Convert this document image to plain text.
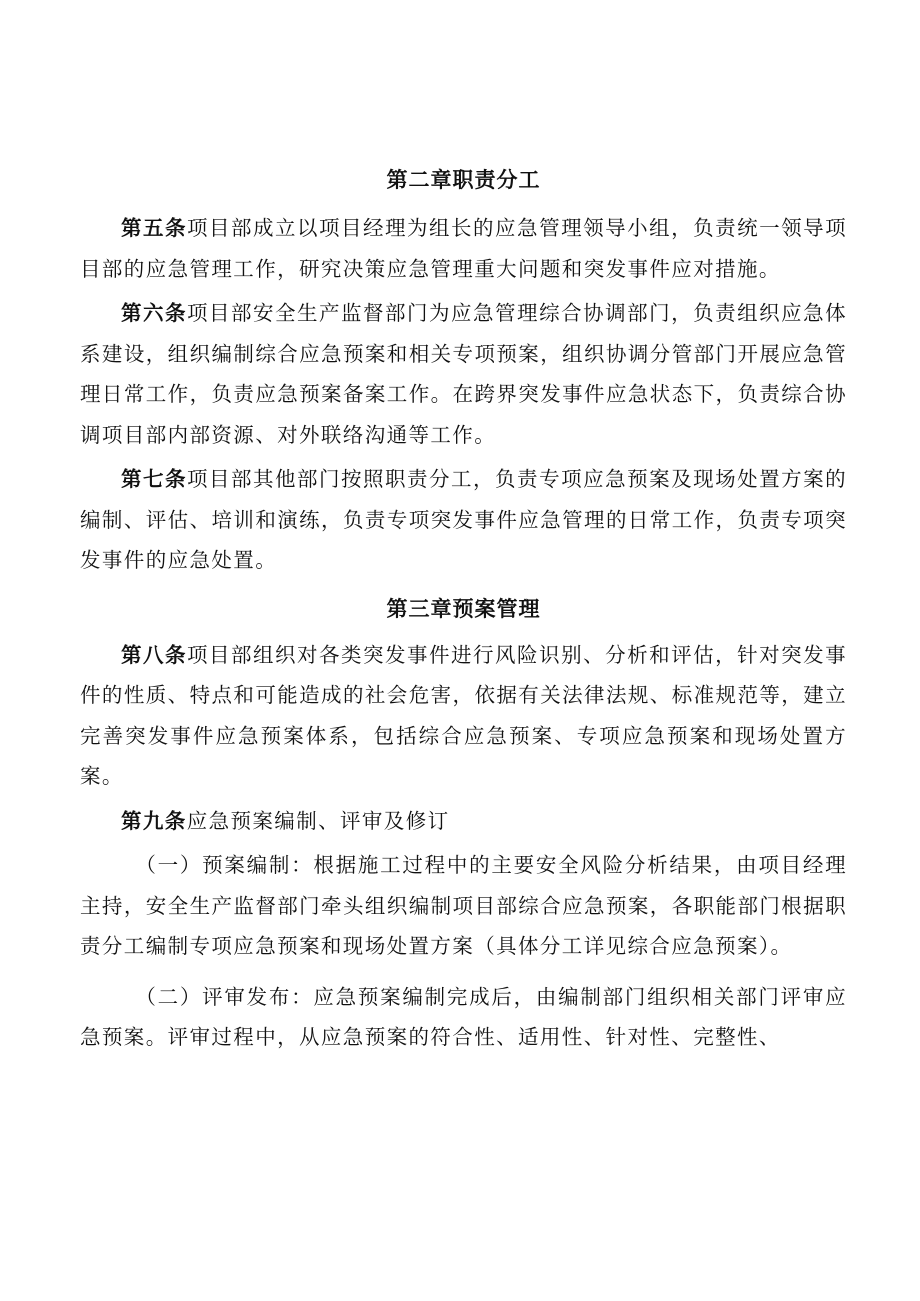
第二章职责分工

第五条项目部成立以项目经理为组长的应急管理领导小组，负责统一领导项目部的应急管理工作，研究决策应急管理重大问题和突发事件应对措施。

第六条项目部安全生产监督部门为应急管理综合协调部门，负责组织应急体系建设，组织编制综合应急预案和相关专项预案，组织协调分管部门开展应急管理日常工作，负责应急预案备案工作。在跨界突发事件应急状态下，负责综合协调项目部内部资源、对外联络沟通等工作。

第七条项目部其他部门按照职责分工，负责专项应急预案及现场处置方案的编制、评估、培训和演练，负责专项突发事件应急管理的日常工作，负责专项突发事件的应急处置。

第三章预案管理

第八条项目部组织对各类突发事件进行风险识别、分析和评估，针对突发事件的性质、特点和可能造成的社会危害，依据有关法律法规、标准规范等，建立完善突发事件应急预案体系，包括综合应急预案、专项应急预案和现场处置方案。

第九条应急预案编制、评审及修订

（一）预案编制：根据施工过程中的主要安全风险分析结果，由项目经理主持，安全生产监督部门牵头组织编制项目部综合应急预案，各职能部门根据职责分工编制专项应急预案和现场处置方案（具体分工详见综合应急预案）。

（二）评审发布：应急预案编制完成后，由编制部门组织相关部门评审应急预案。评审过程中，从应急预案的符合性、适用性、针对性、完整性、
